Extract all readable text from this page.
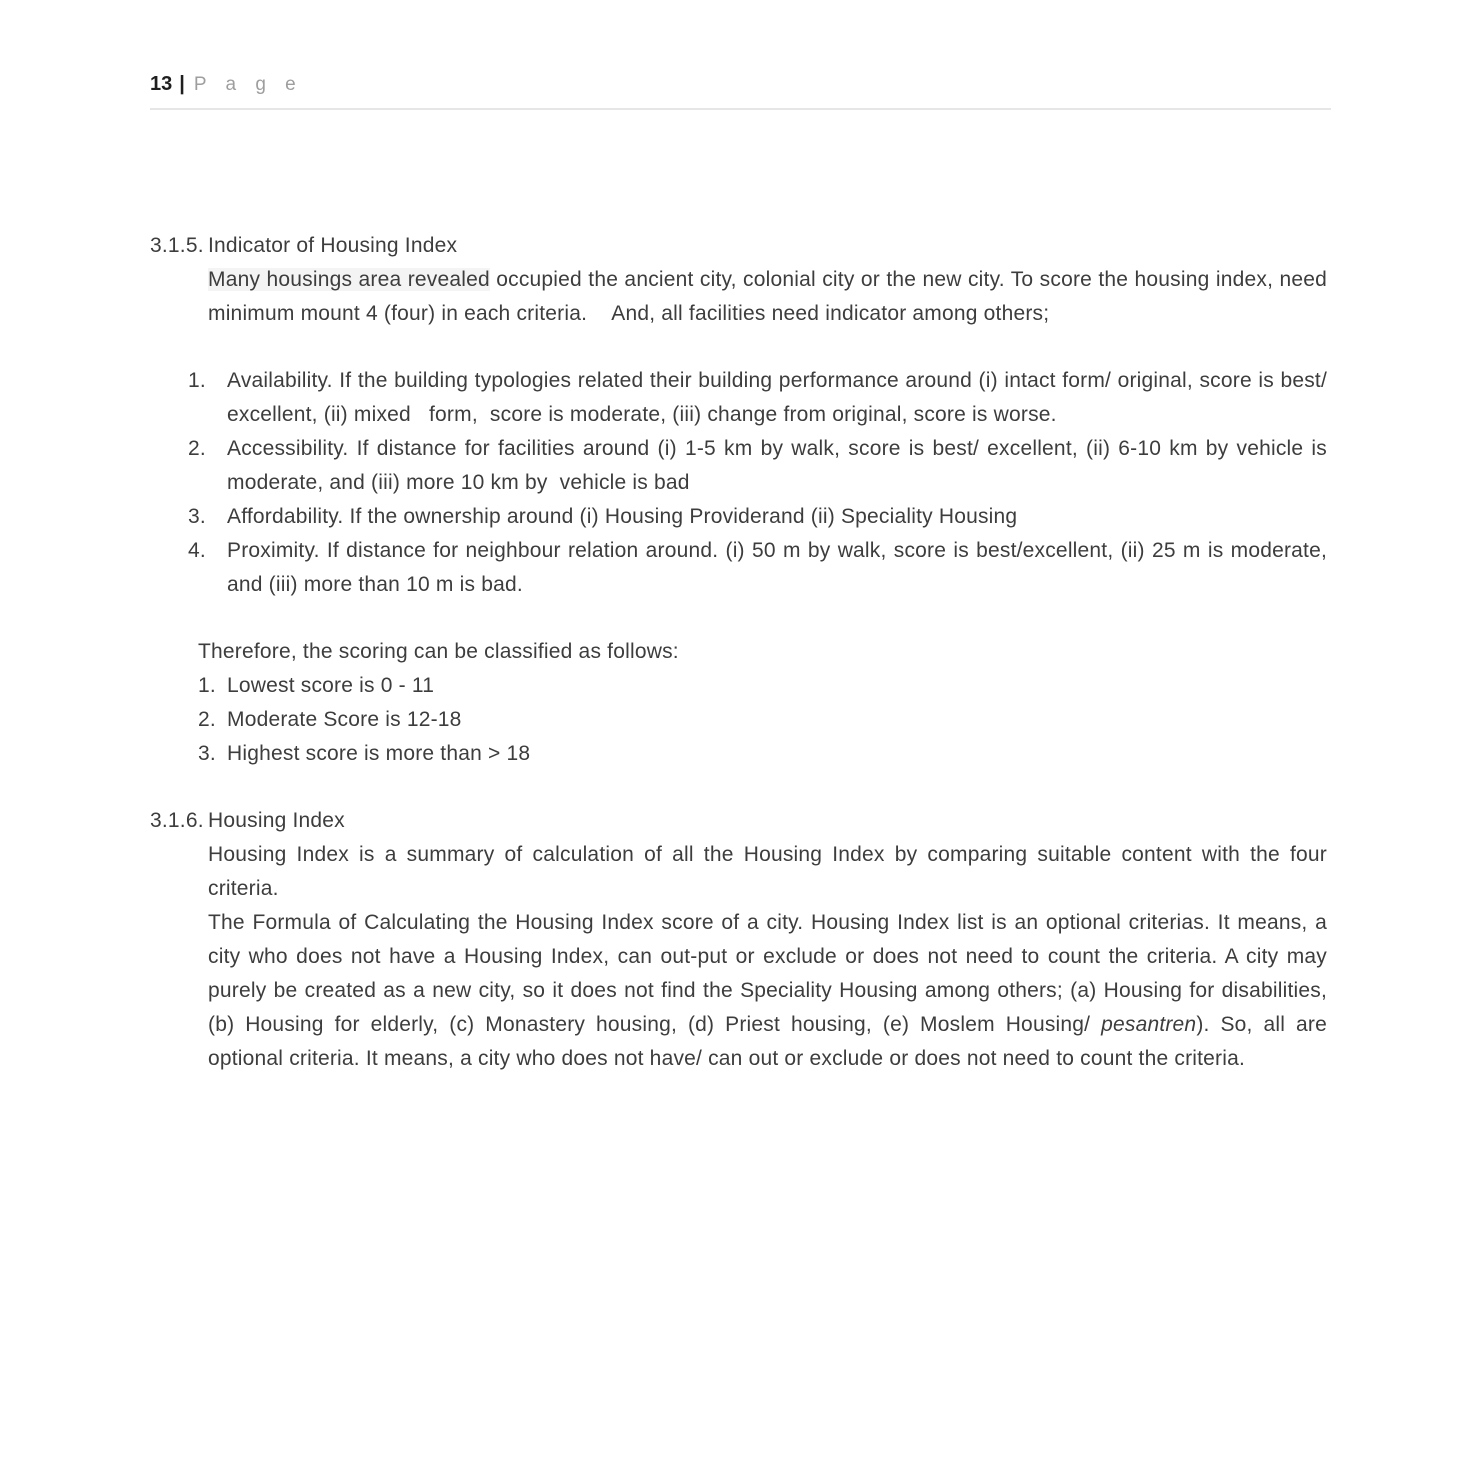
13 | P a g e
3.1.5. Indicator of Housing Index

Many housings area revealed occupied the ancient city, colonial city or the new city. To score the housing index, need minimum mount 4 (four) in each criteria.    And, all facilities need indicator among others;

1.	Availability. If the building typologies related their building performance around (i) intact form/ original, score is best/ excellent, (ii) mixed   form,  score is moderate, (iii) change from original, score is worse.
2.	Accessibility. If distance for facilities around (i) 1-5 km by walk, score is best/ excellent, (ii) 6-10 km by vehicle is moderate, and (iii) more 10 km by  vehicle is bad
3.	Affordability. If the ownership around (i) Housing Providerand (ii) Speciality Housing
4.	Proximity. If distance for neighbour relation around. (i) 50 m by walk, score is best/excellent, (ii) 25 m is moderate, and (iii) more than 10 m is bad.

Therefore, the scoring can be classified as follows:

1. Lowest score is 0 - 11
2. Moderate Score is 12-18
3. Highest score is more than > 18
3.1.6. Housing Index

Housing Index is a summary of calculation of all the Housing Index by comparing suitable content with the four criteria.

The Formula of Calculating the Housing Index score of a city. Housing Index list is an optional criterias. It means, a city who does not have a Housing Index, can out-put or exclude or does not need to count the criteria. A city may purely be created as a new city, so it does not find the Speciality Housing among others; (a) Housing for disabilities, (b) Housing for elderly, (c) Monastery housing, (d) Priest housing, (e) Moslem Housing/ pesantren). So, all are optional criteria. It means, a city who does not have/ can out or exclude or does not need to count the criteria.
